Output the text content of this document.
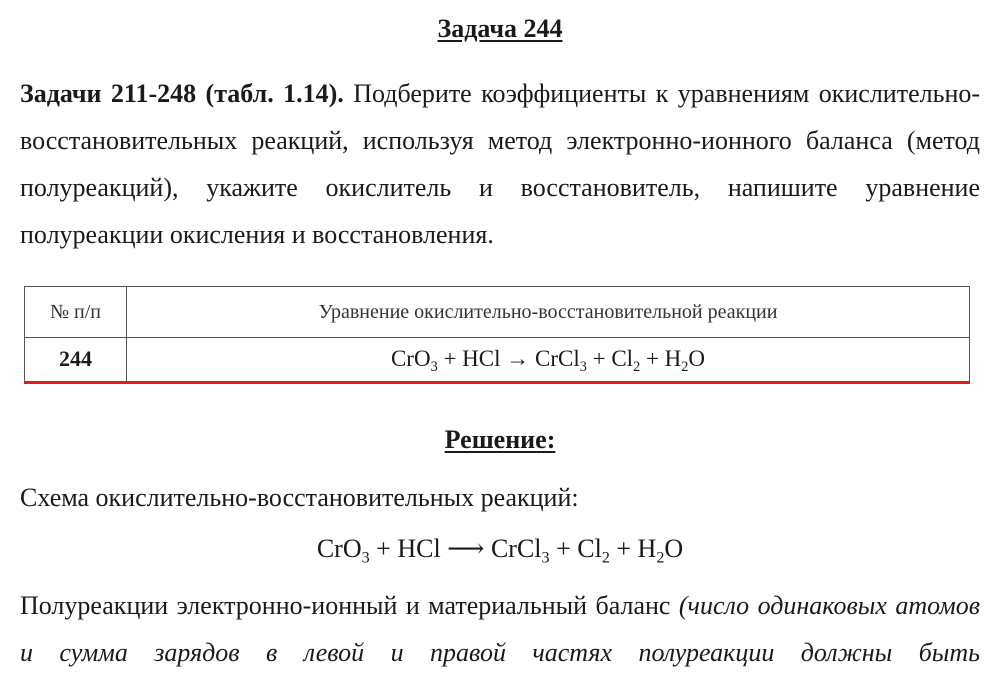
Задача 244
Задачи 211-248 (табл. 1.14). Подберите коэффициенты к уравнениям окислительно-восстановительных реакций, используя метод электронно-ионного баланса (метод полуреакций), укажите окислитель и восстановитель, напишите уравнение полуреакции окисления и восстановления.
№ п/п	Уравнение окислительно-восстановительной реакции
244	CrO$_3$ + HCl → CrCl$_3$ + $Cl_2 + H_2O$
Решение:
Схема окислительно-восстановительных реакций:
CrO$_3$ + HCl ⟶ CrCl$_3$ + $Cl_2 + H_2O$
Полуреакции электронно-ионный и материальный баланс (число одинаковых атомов и сумма зарядов в левой и правой частях полуреакции должны быть
